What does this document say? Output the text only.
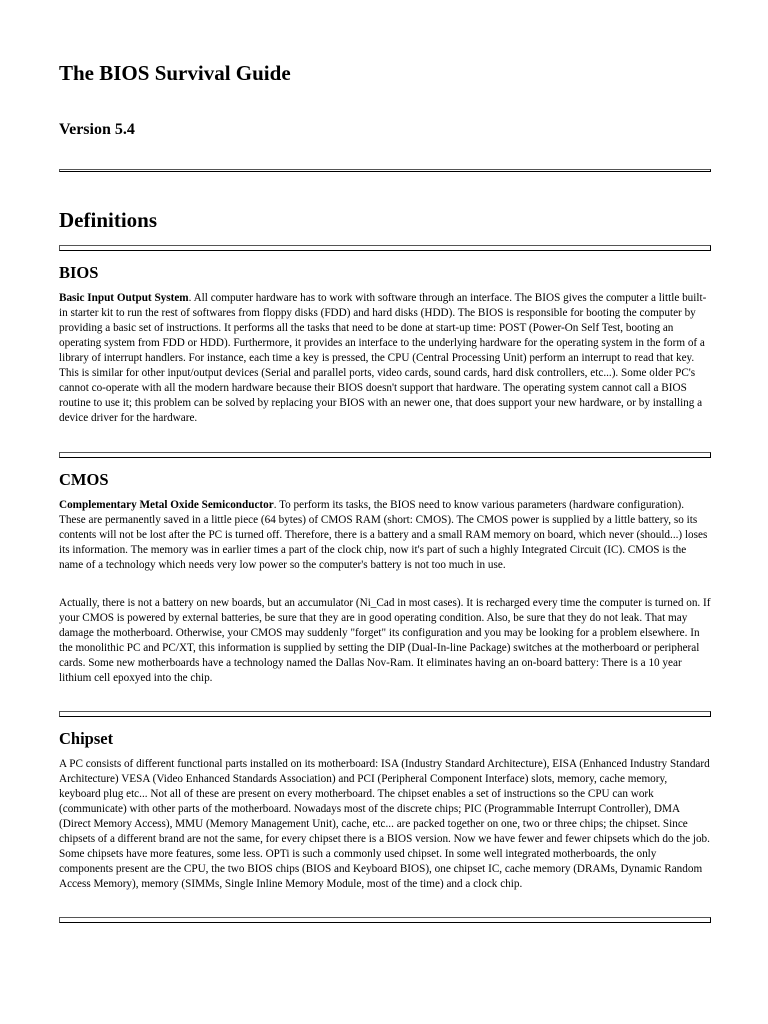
The BIOS Survival Guide
Version 5.4
Definitions
BIOS

Basic Input Output System. All computer hardware has to work with software through an interface. The BIOS gives the computer a little built-in starter kit to run the rest of softwares from floppy disks (FDD) and hard disks (HDD). The BIOS is responsible for booting the computer by providing a basic set of instructions. It performs all the tasks that need to be done at start-up time: POST (Power-On Self Test, booting an operating system from FDD or HDD). Furthermore, it provides an interface to the underlying hardware for the operating system in the form of a library of interrupt handlers. For instance, each time a key is pressed, the CPU (Central Processing Unit) perform an interrupt to read that key. This is similar for other input/output devices (Serial and parallel ports, video cards, sound cards, hard disk controllers, etc...). Some older PC's cannot co-operate with all the modern hardware because their BIOS doesn't support that hardware. The operating system cannot call a BIOS routine to use it; this problem can be solved by replacing your BIOS with an newer one, that does support your new hardware, or by installing a device driver for the hardware.

CMOS

Complementary Metal Oxide Semiconductor. To perform its tasks, the BIOS need to know various parameters (hardware configuration). These are permanently saved in a little piece (64 bytes) of CMOS RAM (short: CMOS). The CMOS power is supplied by a little battery, so its contents will not be lost after the PC is turned off. Therefore, there is a battery and a small RAM memory on board, which never (should...) loses its information. The memory was in earlier times a part of the clock chip, now it's part of such a highly Integrated Circuit (IC). CMOS is the name of a technology which needs very low power so the computer's battery is not too much in use.

Actually, there is not a battery on new boards, but an accumulator (Ni_Cad in most cases). It is recharged every time the computer is turned on. If your CMOS is powered by external batteries, be sure that they are in good operating condition. Also, be sure that they do not leak. That may damage the motherboard. Otherwise, your CMOS may suddenly "forget" its configuration and you may be looking for a problem elsewhere. In the monolithic PC and PC/XT, this information is supplied by setting the DIP (Dual-In-line Package) switches at the motherboard or peripheral cards. Some new motherboards have a technology named the Dallas Nov-Ram. It eliminates having an on-board battery: There is a 10 year lithium cell epoxyed into the chip.

Chipset

A PC consists of different functional parts installed on its motherboard: ISA (Industry Standard Architecture), EISA (Enhanced Industry Standard Architecture) VESA (Video Enhanced Standards Association) and PCI (Peripheral Component Interface) slots, memory, cache memory, keyboard plug etc... Not all of these are present on every motherboard. The chipset enables a set of instructions so the CPU can work (communicate) with other parts of the motherboard. Nowadays most of the discrete chips; PIC (Programmable Interrupt Controller), DMA (Direct Memory Access), MMU (Memory Management Unit), cache, etc... are packed together on one, two or three chips; the chipset. Since chipsets of a different brand are not the same, for every chipset there is a BIOS version. Now we have fewer and fewer chipsets which do the job. Some chipsets have more features, some less. OPTi is such a commonly used chipset. In some well integrated motherboards, the only components present are the CPU, the two BIOS chips (BIOS and Keyboard BIOS), one chipset IC, cache memory (DRAMs, Dynamic Random Access Memory), memory (SIMMs, Single Inline Memory Module, most of the time) and a clock chip.
